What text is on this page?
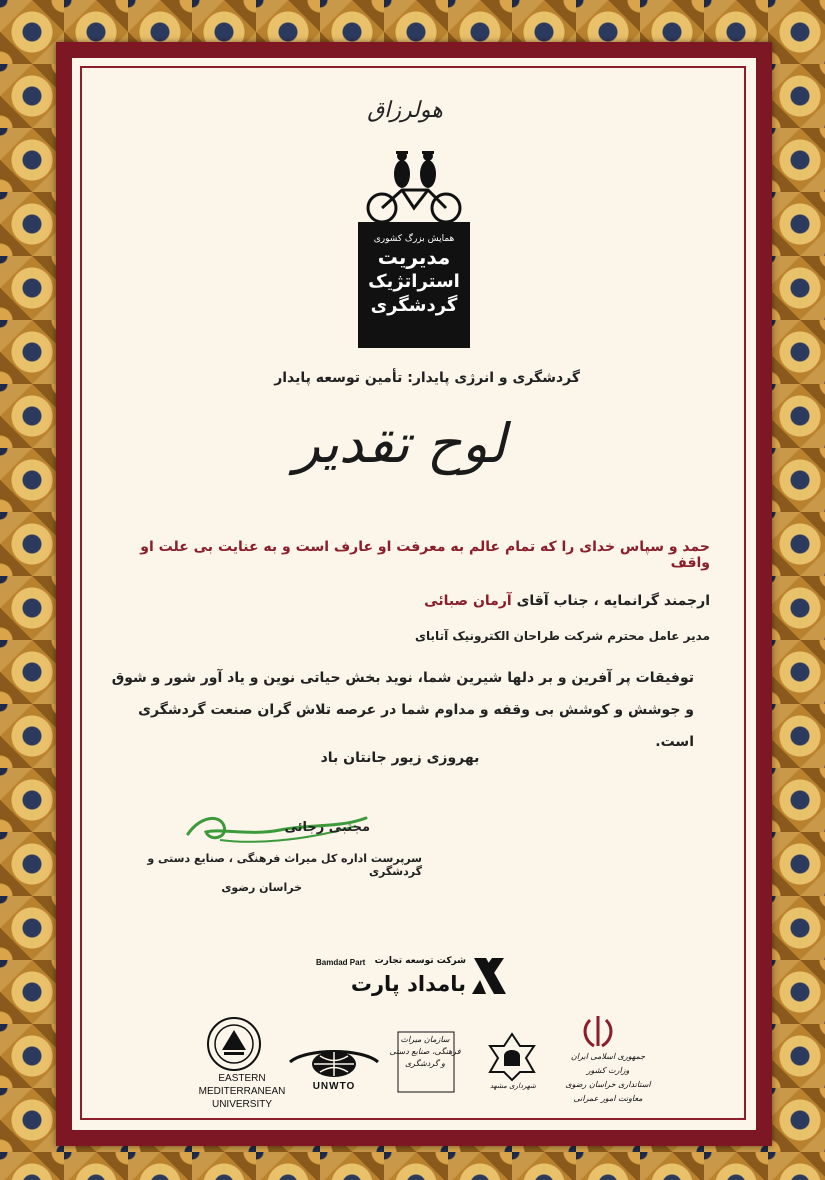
هولرزاق
همایش بزرگ کشوری
مدیریت
استراتژیک
گردشگری
گردشگری و انرژی پایدار: تأمین توسعه پایدار
لوح تقدیر
حمد و سپاس خدای را که تمام عالم به معرفت او عارف است و به عنایت بی علت او واقف
ارجمند گرانمایه ، جناب آقای آرمان صبائی
مدیر عامل محترم شرکت طراحان الکترونیک آتابای
توفیقات پر آفرین و بر دلها شیرین شما، نوید بخش حیاتی نوین و یاد آور شور و شوق
و جوشش و کوشش بی وقفه و مداوم شما در عرصه تلاش گران صنعت گردشگری است.
بهروزی زیور جانتان باد
مجتبی رجائی
سرپرست اداره کل میراث فرهنگی ، صنایع دستی و گردشگری
خراسان رضوی
Bamdad Part شرکت توسعه تجارت
بامداد پارت
EASTERN
MEDITERRANEAN
UNIVERSITY
UNWTO
سازمان میراث فرهنگی، صنایع دستی و گردشگری
شهرداری مشهد
جمهوری اسلامی ایران
وزارت کشور
استانداری خراسان رضوی
معاونت امور عمرانی
